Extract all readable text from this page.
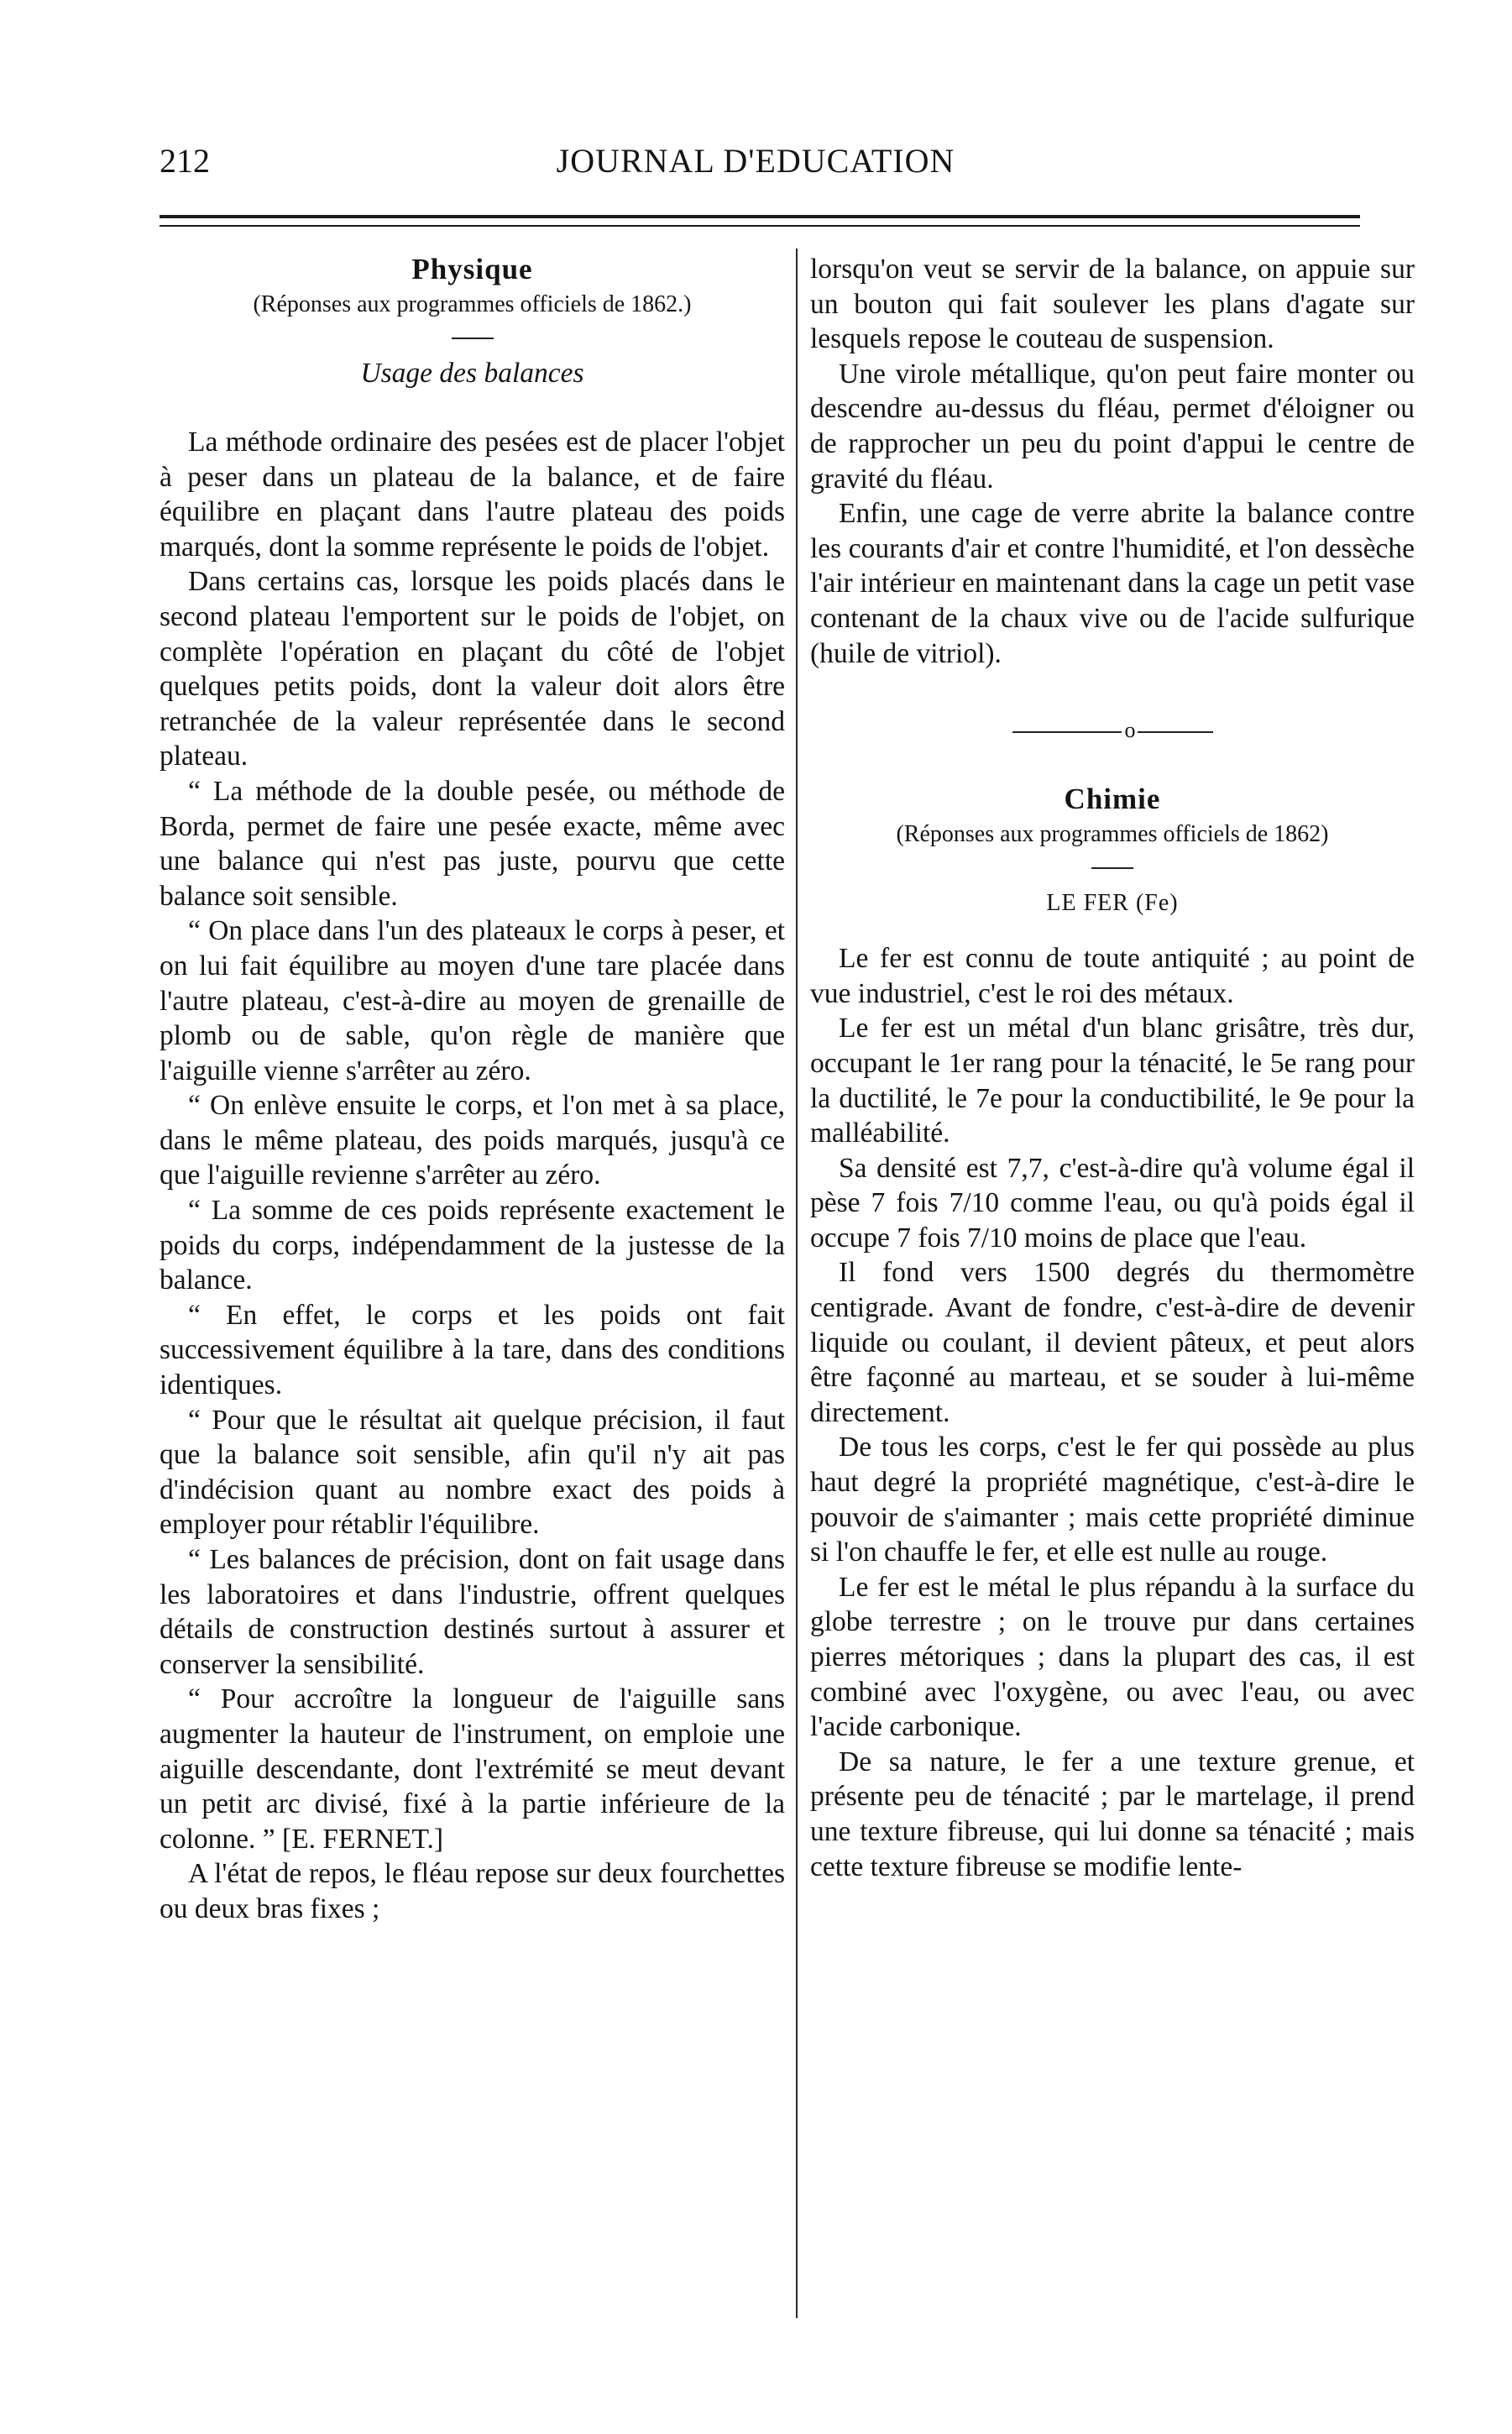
212	JOURNAL D'EDUCATION
Physique

(Réponses aux programmes officiels de 1862.)

Usage des balances

La méthode ordinaire des pesées est de placer l'objet à peser dans un plateau de la balance, et de faire équilibre en plaçant dans l'autre plateau des poids marqués, dont la somme représente le poids de l'objet.

Dans certains cas, lorsque les poids placés dans le second plateau l'emportent sur le poids de l'objet, on complète l'opération en plaçant du côté de l'objet quelques petits poids, dont la valeur doit alors être retranchée de la valeur représentée dans le second plateau.

“ La méthode de la double pesée, ou méthode de Borda, permet de faire une pesée exacte, même avec une balance qui n'est pas juste, pourvu que cette balance soit sensible.

“ On place dans l'un des plateaux le corps à peser, et on lui fait équilibre au moyen d'une tare placée dans l'autre plateau, c'est-à-dire au moyen de grenaille de plomb ou de sable, qu'on règle de manière que l'aiguille vienne s'arrêter au zéro.

“ On enlève ensuite le corps, et l'on met à sa place, dans le même plateau, des poids marqués, jusqu'à ce que l'aiguille revienne s'arrêter au zéro.

“ La somme de ces poids représente exactement le poids du corps, indépendamment de la justesse de la balance.

“ En effet, le corps et les poids ont fait successivement équilibre à la tare, dans des conditions identiques.

“ Pour que le résultat ait quelque précision, il faut que la balance soit sensible, afin qu'il n'y ait pas d'indécision quant au nombre exact des poids à employer pour rétablir l'équilibre.

“ Les balances de précision, dont on fait usage dans les laboratoires et dans l'industrie, offrent quelques détails de construction destinés surtout à assurer et conserver la sensibilité.

“ Pour accroître la longueur de l'aiguille sans augmenter la hauteur de l'instrument, on emploie une aiguille descendante, dont l'extrémité se meut devant un petit arc divisé, fixé à la partie inférieure de la colonne. ” [E. FERNET.]

A l'état de repos, le fléau repose sur deux fourchettes ou deux bras fixes ;

lorsqu'on veut se servir de la balance, on appuie sur un bouton qui fait soulever les plans d'agate sur lesquels repose le couteau de suspension.

Une virole métallique, qu'on peut faire monter ou descendre au-dessus du fléau, permet d'éloigner ou de rapprocher un peu du point d'appui le centre de gravité du fléau.

Enfin, une cage de verre abrite la balance contre les courants d'air et contre l'humidité, et l'on dessèche l'air intérieur en maintenant dans la cage un petit vase contenant de la chaux vive ou de l'acide sulfurique (huile de vitriol).

o
Chimie

(Réponses aux programmes officiels de 1862)

LE FER (Fe)

Le fer est connu de toute antiquité ; au point de vue industriel, c'est le roi des métaux.

Le fer est un métal d'un blanc grisâtre, très dur, occupant le 1er rang pour la ténacité, le 5e rang pour la ductilité, le 7e pour la conductibilité, le 9e pour la malléabilité.

Sa densité est 7,7, c'est-à-dire qu'à volume égal il pèse 7 fois 7/10 comme l'eau, ou qu'à poids égal il occupe 7 fois 7/10 moins de place que l'eau.

Il fond vers 1500 degrés du thermomètre centigrade. Avant de fondre, c'est-à-dire de devenir liquide ou coulant, il devient pâteux, et peut alors être façonné au marteau, et se souder à lui-même directement.

De tous les corps, c'est le fer qui possède au plus haut degré la propriété magnétique, c'est-à-dire le pouvoir de s'aimanter ; mais cette propriété diminue si l'on chauffe le fer, et elle est nulle au rouge.

Le fer est le métal le plus répandu à la surface du globe terrestre ; on le trouve pur dans certaines pierres métoriques ; dans la plupart des cas, il est combiné avec l'oxygène, ou avec l'eau, ou avec l'acide carbonique.

De sa nature, le fer a une texture grenue, et présente peu de ténacité ; par le martelage, il prend une texture fibreuse, qui lui donne sa ténacité ; mais cette texture fibreuse se modifie lente-
